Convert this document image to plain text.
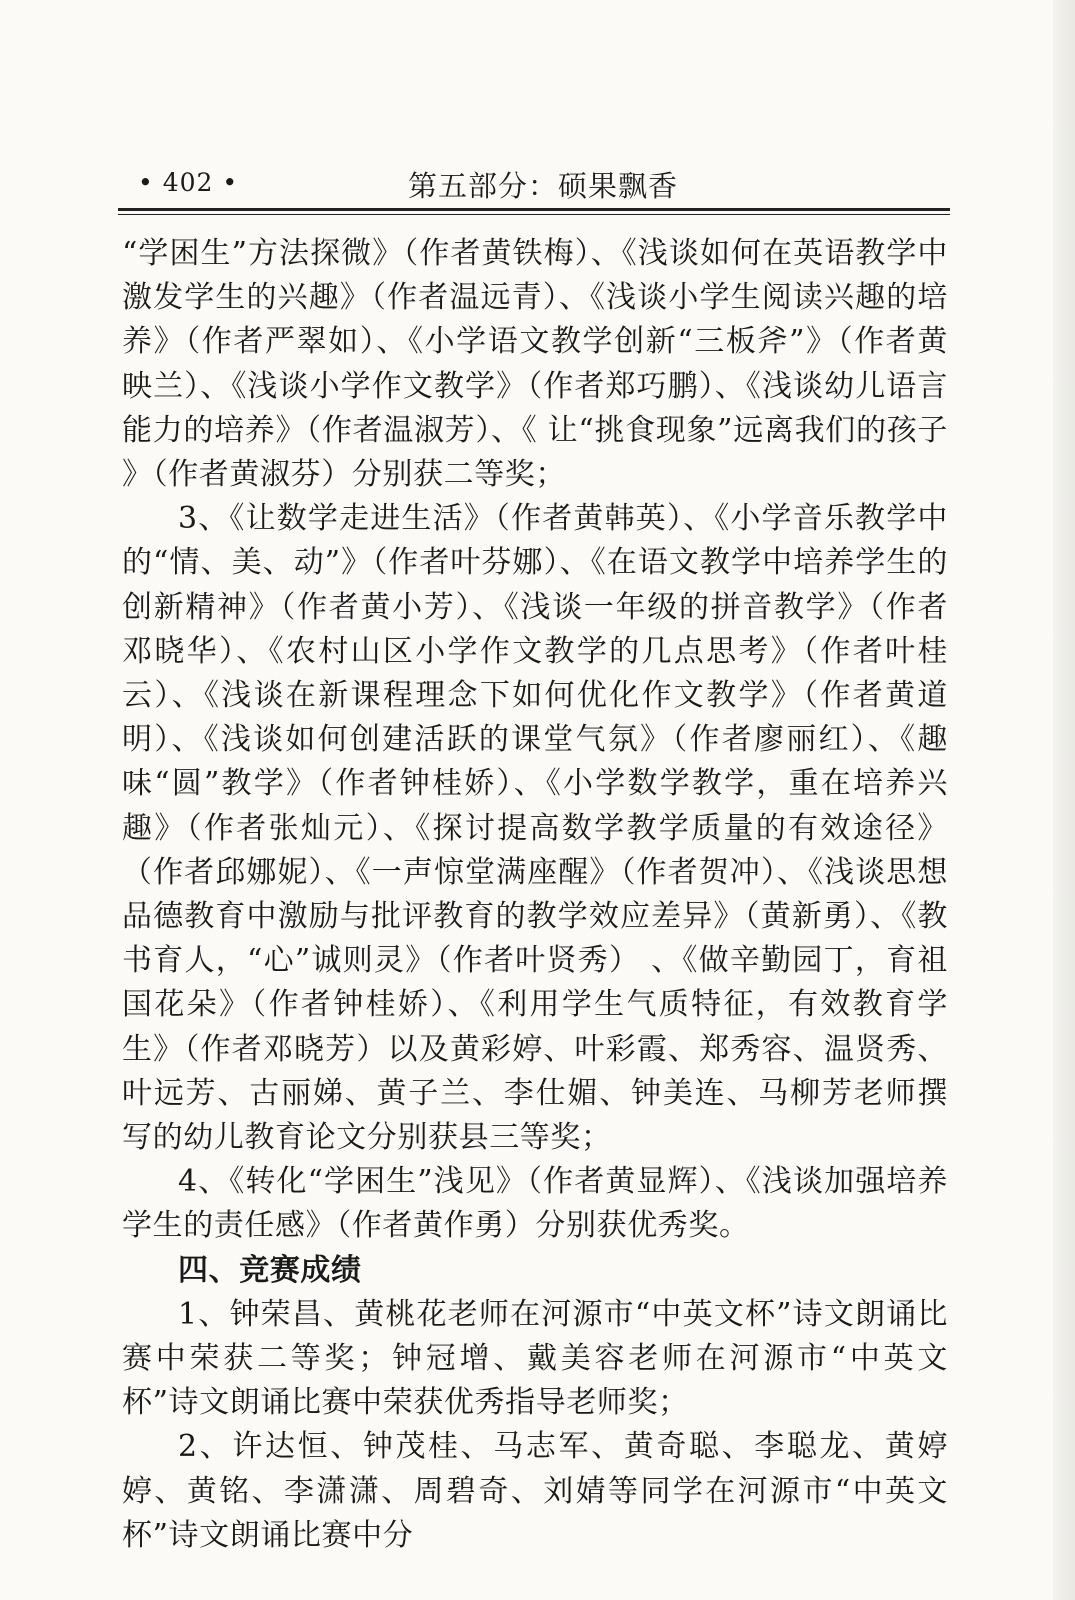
• 402 •	第五部分：硕果飘香

“学困生”方法探微》（作者黄铁梅）、《浅谈如何在英语教学中激发学生的兴趣》（作者温远青）、《浅谈小学生阅读兴趣的培养》（作者严翠如）、《小学语文教学创新“三板斧”》（作者黄映兰）、《浅谈小学作文教学》（作者郑巧鹏）、《浅谈幼儿语言能力的培养》（作者温淑芳）、《 让“挑食现象”远离我们的孩子 》（作者黄淑芬）分别获二等奖；

3、《让数学走进生活》（作者黄韩英）、《小学音乐教学中的“情、美、动”》（作者叶芬娜）、《在语文教学中培养学生的创新精神》（作者黄小芳）、《浅谈一年级的拼音教学》（作者邓晓华）、《农村山区小学作文教学的几点思考》（作者叶桂云）、《浅谈在新课程理念下如何优化作文教学》（作者黄道明）、《浅谈如何创建活跃的课堂气氛》（作者廖丽红）、《趣味“圆”教学》（作者钟桂娇）、《小学数学教学，重在培养兴趣》（作者张灿元）、《探讨提高数学教学质量的有效途径》（作者邱娜妮）、《一声惊堂满座醒》（作者贺冲）、《浅谈思想品德教育中激励与批评教育的教学效应差异》（黄新勇）、《教书育人，“心”诚则灵》（作者叶贤秀） 、《做辛勤园丁，育祖国花朵》（作者钟桂娇）、《利用学生气质特征，有效教育学生》（作者邓晓芳）以及黄彩婷、叶彩霞、郑秀容、温贤秀、叶远芳、古丽娣、黄子兰、李仕媚、钟美连、马柳芳老师撰写的幼儿教育论文分别获县三等奖；

4、《转化“学困生”浅见》（作者黄显辉）、《浅谈加强培养学生的责任感》（作者黄作勇）分别获优秀奖。

四、竞赛成绩

1、钟荣昌、黄桃花老师在河源市“中英文杯”诗文朗诵比赛中荣获二等奖；钟冠增、戴美容老师在河源市“中英文杯”诗文朗诵比赛中荣获优秀指导老师奖；

2、许达恒、钟茂桂、马志军、黄奇聪、李聪龙、黄婷婷、黄铭、李潇潇、周碧奇、刘婧等同学在河源市“中英文杯”诗文朗诵比赛中分
